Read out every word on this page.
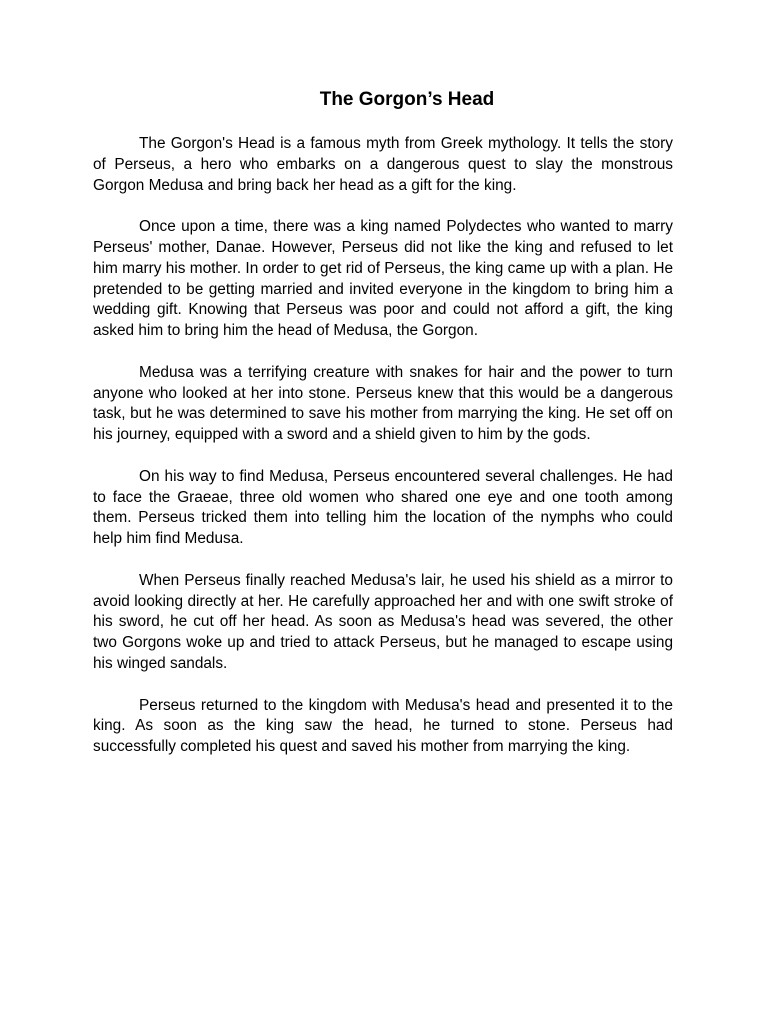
The Gorgon’s Head

The Gorgon's Head is a famous myth from Greek mythology. It tells the story of Perseus, a hero who embarks on a dangerous quest to slay the monstrous Gorgon Medusa and bring back her head as a gift for the king.

Once upon a time, there was a king named Polydectes who wanted to marry Perseus' mother, Danae. However, Perseus did not like the king and refused to let him marry his mother. In order to get rid of Perseus, the king came up with a plan. He pretended to be getting married and invited everyone in the kingdom to bring him a wedding gift. Knowing that Perseus was poor and could not afford a gift, the king asked him to bring him the head of Medusa, the Gorgon.

Medusa was a terrifying creature with snakes for hair and the power to turn anyone who looked at her into stone. Perseus knew that this would be a dangerous task, but he was determined to save his mother from marrying the king. He set off on his journey, equipped with a sword and a shield given to him by the gods.

On his way to find Medusa, Perseus encountered several challenges. He had to face the Graeae, three old women who shared one eye and one tooth among them. Perseus tricked them into telling him the location of the nymphs who could help him find Medusa.

When Perseus finally reached Medusa's lair, he used his shield as a mirror to avoid looking directly at her. He carefully approached her and with one swift stroke of his sword, he cut off her head. As soon as Medusa's head was severed, the other two Gorgons woke up and tried to attack Perseus, but he managed to escape using his winged sandals.

Perseus returned to the kingdom with Medusa's head and presented it to the king. As soon as the king saw the head, he turned to stone. Perseus had successfully completed his quest and saved his mother from marrying the king.
